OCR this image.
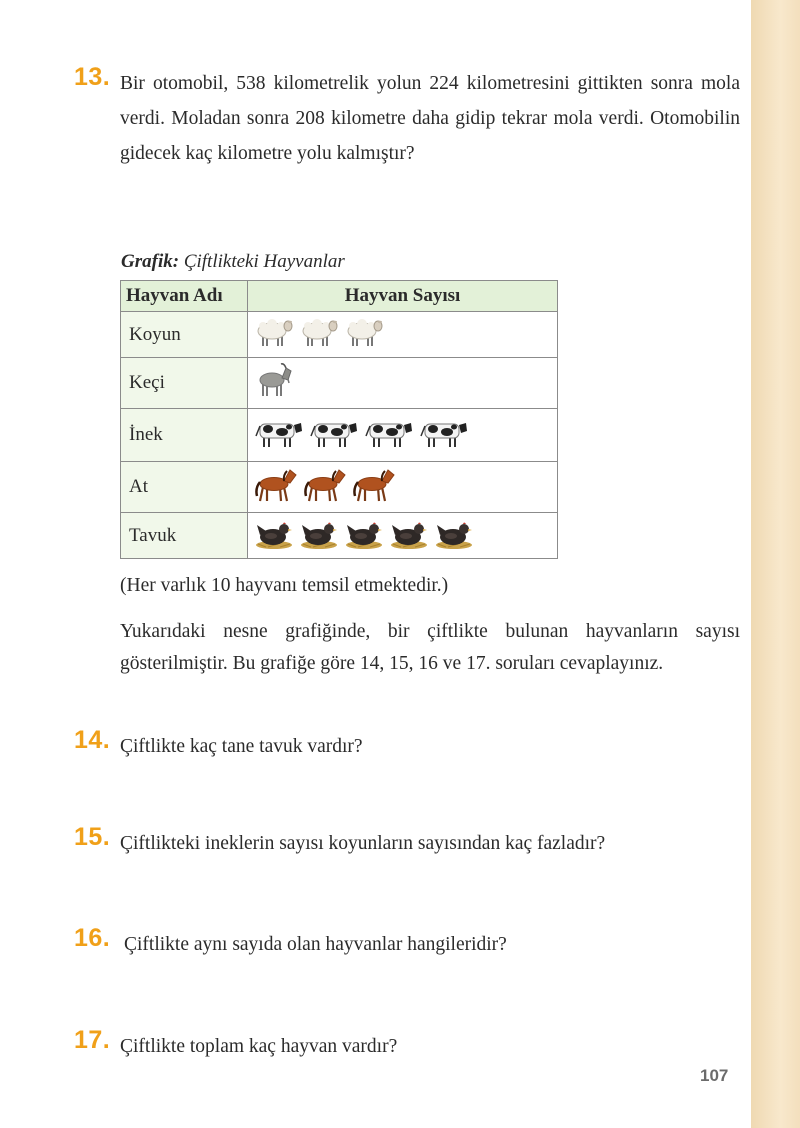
13. Bir otomobil, 538 kilometrelik yolun 224 kilometresini gittikten sonra mola verdi. Moladan sonra 208 kilometre daha gidip tekrar mola verdi. Otomobilin gidecek kaç kilometre yolu kalmıştır?
Grafik: Çiftlikteki Hayvanlar
Hayvan Adı	Hayvan Sayısı
Koyun	
Keçi	
İnek	
At	
Tavuk	
(Her varlık 10 hayvanı temsil etmektedir.)
Yukarıdaki nesne grafiğinde, bir çiftlikte bulunan hayvanların sayısı gösterilmiştir. Bu grafiğe göre 14, 15, 16 ve 17. soruları cevaplayınız.
14. Çiftlikte kaç tane tavuk vardır?
15. Çiftlikteki ineklerin sayısı koyunların sayısından kaç fazladır?
16. Çiftlikte aynı sayıda olan hayvanlar hangileridir?
17. Çiftlikte toplam kaç hayvan vardır?
107
